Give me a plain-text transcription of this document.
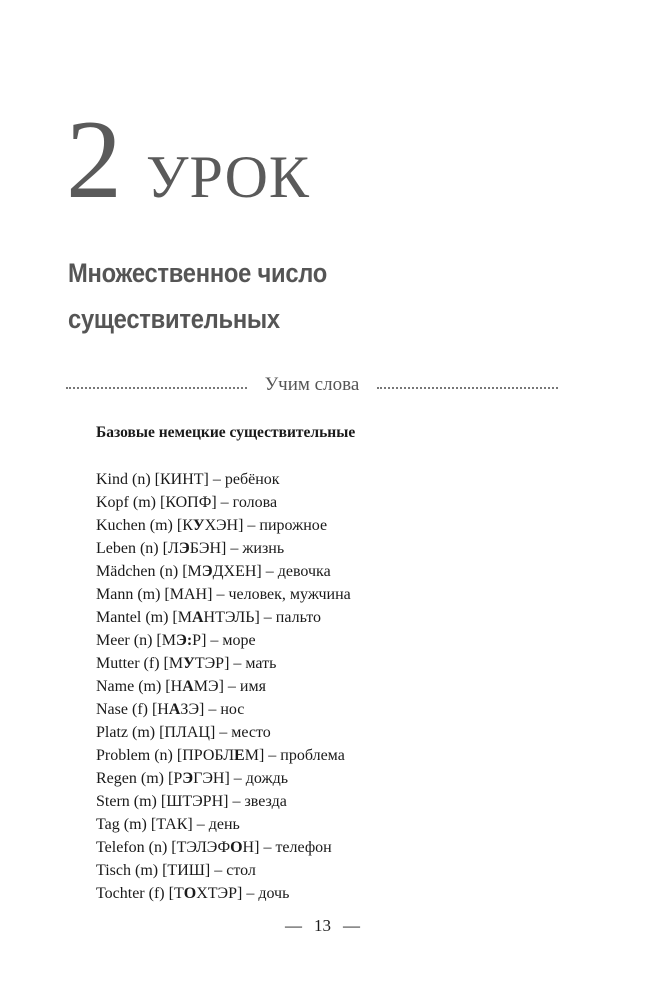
2 УРОК
Множественное число
существительных
Учим слова
Базовые немецкие существительные
Kind (n) [КИНТ] – ребёнок
Kopf (m) [КОПФ] – голова
Kuchen (m) [КУХЭН] – пирожное
Leben (n) [ЛЭБЭН] – жизнь
Mädchen (n) [МЭДХЕН] – девочка
Mann (m) [МАН] – человек, мужчина
Mantel (m) [МАНТЭЛЬ] – пальто
Meer (n) [МЭ:Р] – море
Mutter (f) [МУТЭР] – мать
Name (m) [НАМЭ] – имя
Nase (f) [НАЗЭ] – нос
Platz (m) [ПЛАЦ] – место
Problem (n) [ПРОБЛЕМ] – проблема
Regen (m) [РЭГЭН] – дождь
Stern (m) [ШТЭРН] – звезда
Tag (m) [ТАК] – день
Telefon (n) [ТЭЛЭФОН] – телефон
Tisch (m) [ТИШ] – стол
Tochter (f) [ТОХТЭР] – дочь
— 13 —
